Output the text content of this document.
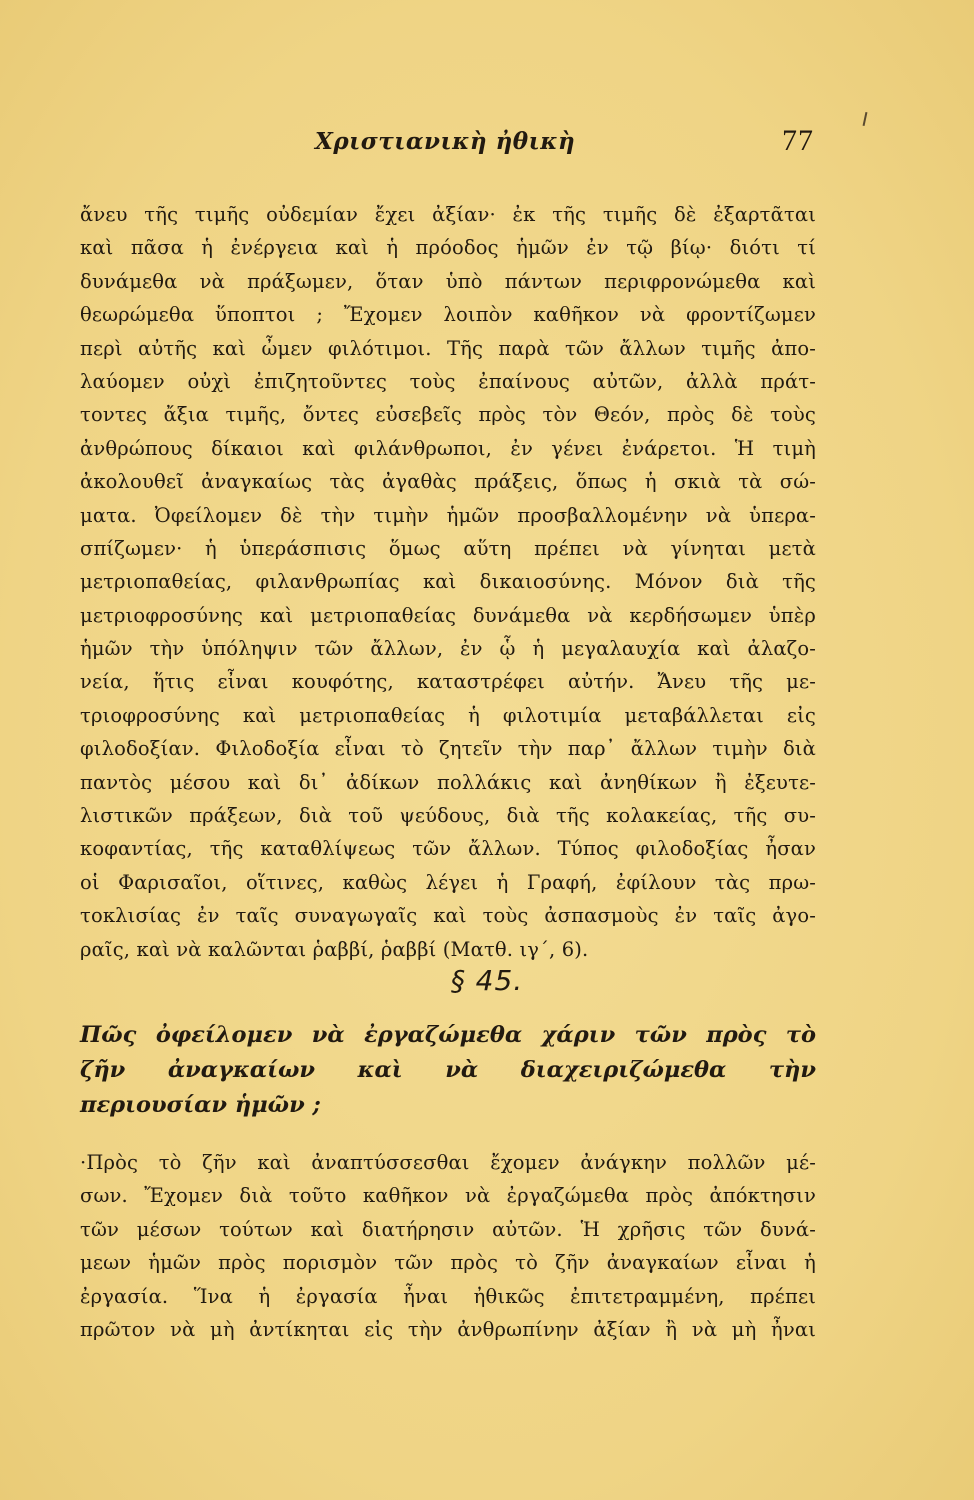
Χριστιανικὴ ἠθικὴ	77
ἄνευ τῆς τιμῆς οὐδεμίαν ἔχει ἀξίαν· ἐκ τῆς τιμῆς δὲ ἐξαρτᾶται
καὶ πᾶσα ἡ ἐνέργεια καὶ ἡ πρόοδος ἡμῶν ἐν τῷ βίῳ· διότι τί
δυνάμεθα νὰ πράξωμεν, ὅταν ὑπὸ πάντων περιφρονώμεθα καὶ
θεωρώμεθα ὕποπτοι ; Ἔχομεν λοιπὸν καθῆκον νὰ φροντίζωμεν
περὶ αὐτῆς καὶ ὦμεν φιλότιμοι. Τῆς παρὰ τῶν ἄλλων τιμῆς ἀπο-
λαύομεν οὐχὶ ἐπιζητοῦντες τοὺς ἐπαίνους αὐτῶν, ἀλλὰ πράτ-
τοντες ἄξια τιμῆς, ὄντες εὐσεβεῖς πρὸς τὸν Θεόν, πρὸς δὲ τοὺς
ἀνθρώπους δίκαιοι καὶ φιλάνθρωποι, ἐν γένει ἐνάρετοι. Ἡ τιμὴ
ἀκολουθεῖ ἀναγκαίως τὰς ἀγαθὰς πράξεις, ὅπως ἡ σκιὰ τὰ σώ-
ματα. Ὀφείλομεν δὲ τὴν τιμὴν ἡμῶν προσβαλλομένην νὰ ὑπερα-
σπίζωμεν· ἡ ὑπεράσπισις ὅμως αὕτη πρέπει νὰ γίνηται μετὰ
μετριοπαθείας, φιλανθρωπίας καὶ δικαιοσύνης. Μόνον διὰ τῆς
μετριοφροσύνης καὶ μετριοπαθείας δυνάμεθα νὰ κερδήσωμεν ὑπὲρ
ἡμῶν τὴν ὑπόληψιν τῶν ἄλλων, ἐν ᾧ ἡ μεγαλαυχία καὶ ἀλαζο-
νεία, ἥτις εἶναι κουφότης, καταστρέφει αὐτήν. Ἄνευ τῆς με-
τριοφροσύνης καὶ μετριοπαθείας ἡ φιλοτιμία μεταβάλλεται εἰς
φιλοδοξίαν. Φιλοδοξία εἶναι τὸ ζητεῖν τὴν παρ᾽ ἄλλων τιμὴν διὰ
παντὸς μέσου καὶ δι᾽ ἀδίκων πολλάκις καὶ ἀνηθίκων ἢ ἐξευτε-
λιστικῶν πράξεων, διὰ τοῦ ψεύδους, διὰ τῆς κολακείας, τῆς συ-
κοφαντίας, τῆς καταθλίψεως τῶν ἄλλων. Τύπος φιλοδοξίας ἦσαν
οἱ Φαρισαῖοι, οἵτινες, καθὼς λέγει ἡ Γραφή, ἐφίλουν τὰς πρω-
τοκλισίας ἐν ταῖς συναγωγαῖς καὶ τοὺς ἀσπασμοὺς ἐν ταῖς ἀγο-
ραῖς, καὶ νὰ καλῶνται ῥαββί, ῥαββί (Ματθ. ιγ΄, 6).
§ 45.
Πῶς ὀφείλομεν νὰ ἐργαζώμεθα χάριν τῶν πρὸς τὸ
ζῆν ἀναγκαίων καὶ νὰ διαχειριζώμεθα τὴν
περιουσίαν ἡμῶν ;
·Πρὸς τὸ ζῆν καὶ ἀναπτύσσεσθαι ἔχομεν ἀνάγκην πολλῶν μέ-
σων. Ἔχομεν διὰ τοῦτο καθῆκον νὰ ἐργαζώμεθα πρὸς ἀπόκτησιν
τῶν μέσων τούτων καὶ διατήρησιν αὐτῶν. Ἡ χρῆσις τῶν δυνά-
μεων ἡμῶν πρὸς πορισμὸν τῶν πρὸς τὸ ζῆν ἀναγκαίων εἶναι ἡ
ἐργασία. Ἵνα ἡ ἐργασία ἦναι ἠθικῶς ἐπιτετραμμένη, πρέπει
πρῶτον νὰ μὴ ἀντίκηται εἰς τὴν ἀνθρωπίνην ἀξίαν ἢ νὰ μὴ ἦναι
